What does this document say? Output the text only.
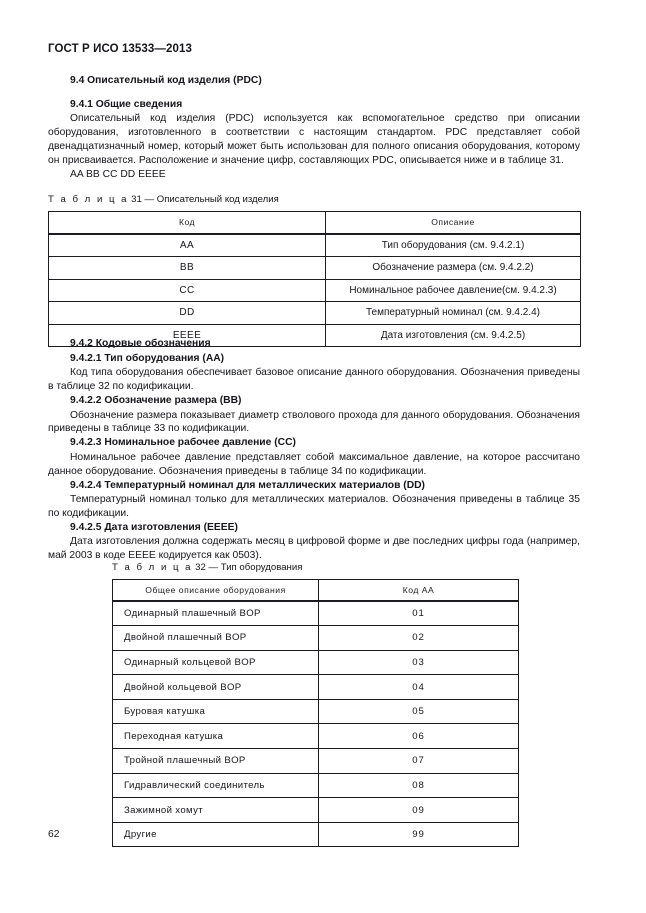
ГОСТ Р ИСО 13533—2013
9.4 Описательный код изделия (PDC)
9.4.1 Общие сведения

Описательный код изделия (PDC) используется как вспомогательное средство при описании оборудования, изготовленного в соответствии с настоящим стандартом. PDC представляет собой двенадцатизначный номер, который может быть использован для полного описания оборудования, которому он присваивается. Расположение и значение цифр, составляющих PDC, описывается ниже и в таблице 31.

AA BB CC DD EEEE

Т а б л и ц а 31 — Описательный код изделия
Код	Описание
AA	Тип оборудования (см. 9.4.2.1)
BB	Обозначение размера (см. 9.4.2.2)
CC	Номинальное рабочее давление(см. 9.4.2.3)
DD	Температурный номинал (см. 9.4.2.4)
EEEE	Дата изготовления (см. 9.4.2.5)
9.4.2 Кодовые обозначения
9.4.2.1 Тип оборудования (AA)

Код типа оборудования обеспечивает базовое описание данного оборудования. Обозначения приведены в таблице 32 по кодификации.

9.4.2.2 Обозначение размера (BB)

Обозначение размера показывает диаметр стволового прохода для данного оборудования. Обозначения приведены в таблице 33 по кодификации.

9.4.2.3 Номинальное рабочее давление (CC)

Номинальное рабочее давление представляет собой максимальное давление, на которое рассчитано данное оборудование. Обозначения приведены в таблице 34 по кодификации.

9.4.2.4 Температурный номинал для металлических материалов (DD)

Температурный номинал только для металлических материалов. Обозначения приведены в таблице 35 по кодификации.

9.4.2.5 Дата изготовления (EEEE)

Дата изготовления должна содержать месяц в цифровой форме и две последних цифры года (например, май 2003 в коде EEEE кодируется как 0503).

Т а б л и ц а 32 — Тип оборудования
Общее описание оборудования	Код AA
Одинарный плашечный BOP	01
Двойной плашечный BOP	02
Одинарный кольцевой BOP	03
Двойной кольцевой BOP	04
Буровая катушка	05
Переходная катушка	06
Тройной плашечный BOP	07
Гидравлический соединитель	08
Зажимной хомут	09
Другие	99
62
